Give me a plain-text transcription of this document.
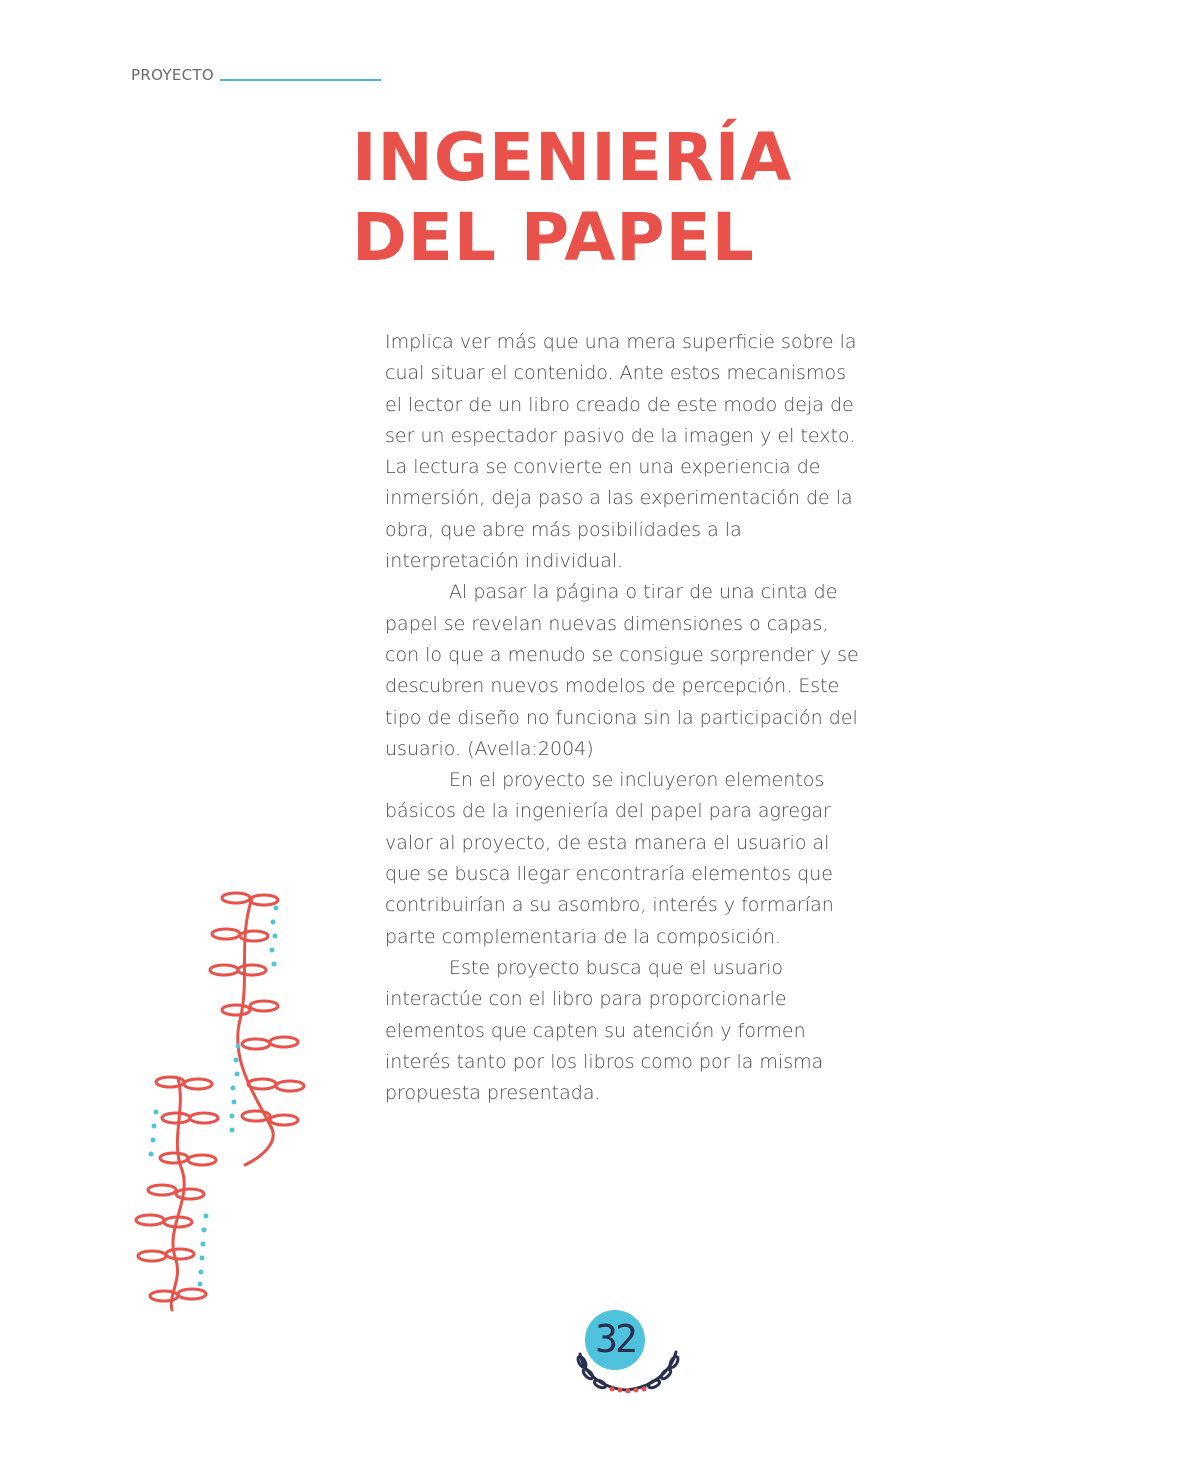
PROYECTO
INGENIERÍA
DEL PAPEL

Implica ver más que una mera superficie sobre la cual situar el contenido. Ante estos mecanismos el lector de un libro creado de este modo deja de ser un espectador pasivo de la imagen y el texto. La lectura se convierte en una experiencia de inmersión, deja paso a las experimentación de la obra, que abre más posibilidades a la interpretación individual.

Al pasar la página o tirar de una cinta de papel se revelan nuevas dimensiones o capas, con lo que a menudo se consigue sorprender y se descubren nuevos modelos de percepción. Este tipo de diseño no funciona sin la participación del usuario. (Avella:2004)

En el proyecto se incluyeron elementos básicos de la ingeniería del papel para agregar valor al proyecto, de esta manera el usuario al que se busca llegar encontraría elementos que contribuirían a su asombro, interés y formarían parte complementaria de la composición.

Este proyecto busca que el usuario interactúe con el libro para proporcionarle elementos que capten su atención y formen interés tanto por los libros como por la misma propuesta presentada.

32
